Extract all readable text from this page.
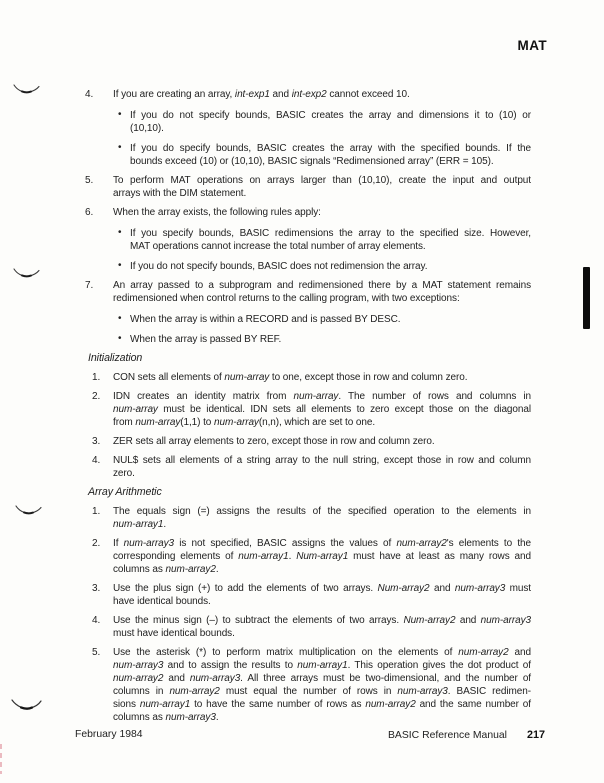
MAT
4.	If you are creating an array, int-exp1 and int-exp2 cannot exceed 10.
• If you do not specify bounds, BASIC creates the array and dimensions it to (10) or
(10,10).
• If you do specify bounds, BASIC creates the array with the specified bounds. If the
bounds exceed (10) or (10,10), BASIC signals “Redimensioned array” (ERR = 105).
5.	To perform MAT operations on arrays larger than (10,10), create the input and output
arrays with the DIM statement.
6.	When the array exists, the following rules apply:
• If you specify bounds, BASIC redimensions the array to the specified size. However,
MAT operations cannot increase the total number of array elements.
• If you do not specify bounds, BASIC does not redimension the array.
7.	An array passed to a subprogram and redimensioned there by a MAT statement remains
redimensioned when control returns to the calling program, with two exceptions:
• When the array is within a RECORD and is passed BY DESC.
• When the array is passed BY REF.
Initialization
1.	CON sets all elements of num-array to one, except those in row and column zero.
2.	IDN creates an identity matrix from num-array. The number of rows and columns in
num-array must be identical. IDN sets all elements to zero except those on the diagonal
from num-array(1,1) to num-array(n,n), which are set to one.
3.	ZER sets all array elements to zero, except those in row and column zero.
4.	NUL$ sets all elements of a string array to the null string, except those in row and column
zero.
Array Arithmetic
1.	The equals sign (=) assigns the results of the specified operation to the elements in
num-array1.
2.	If num-array3 is not specified, BASIC assigns the values of num-array2's elements to the
corresponding elements of num-array1. Num-array1 must have at least as many rows and
columns as num-array2.
3.	Use the plus sign (+) to add the elements of two arrays. Num-array2 and num-array3 must
have identical bounds.
4.	Use the minus sign (–) to subtract the elements of two arrays. Num-array2 and num-array3
must have identical bounds.
5.	Use the asterisk (*) to perform matrix multiplication on the elements of num-array2 and
num-array3 and to assign the results to num-array1. This operation gives the dot product of
num-array2 and num-array3. All three arrays must be two-dimensional, and the number of
columns in num-array2 must equal the number of rows in num-array3. BASIC redimen-
sions num-array1 to have the same number of rows as num-array2 and the same number of
columns as num-array3.
February 1984	BASIC Reference Manual 217
